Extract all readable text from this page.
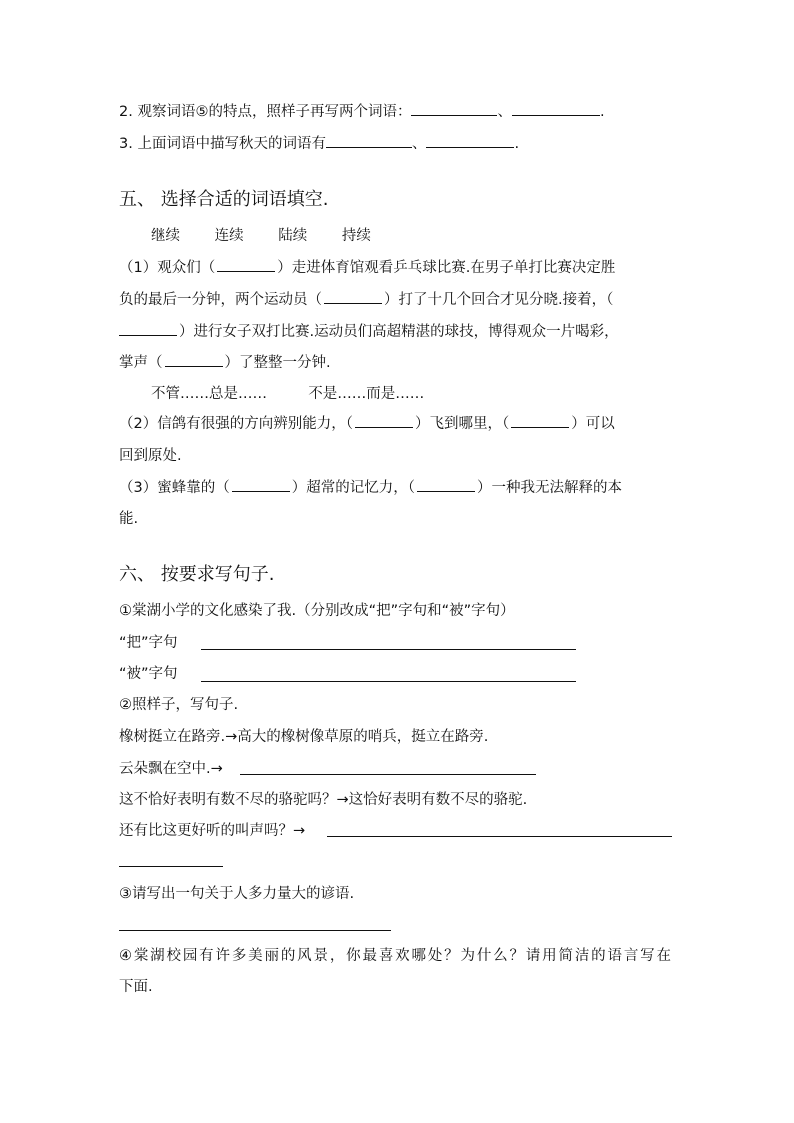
2. 观察词语⑤的特点，照样子再写两个词语：	、	.
3. 上面词语中描写秋天的词语有	、	.
五、 选择合适的词语填空.
继续 连续 陆续 持续
（1）观众们（	）走进体育馆观看乒乓球比赛.在男子单打比赛决定胜
负的最后一分钟，两个运动员（	）打了十几个回合才见分晓.接着，（
）进行女子双打比赛.运动员们高超精湛的球技，博得观众一片喝彩，
掌声（	）了整整一分钟.
不管……总是……	不是……而是……
（2）信鸽有很强的方向辨别能力，（	）飞到哪里，（	）可以
回到原处.
（3）蜜蜂靠的（	）超常的记忆力，（	）一种我无法解释的本
能.
六、 按要求写句子.
①棠湖小学的文化感染了我.（分别改成“把”字句和“被”字句）
“把”字句
“被”字句
②照样子，写句子.
橡树挺立在路旁.→高大的橡树像草原的哨兵，挺立在路旁.
云朵飘在空中.→
这不恰好表明有数不尽的骆驼吗？→这恰好表明有数不尽的骆驼.
还有比这更好听的叫声吗？→
③请写出一句关于人多力量大的谚语.
④棠湖校园有许多美丽的风景，你最喜欢哪处？为什么？请用简洁的语言写在
下面.
